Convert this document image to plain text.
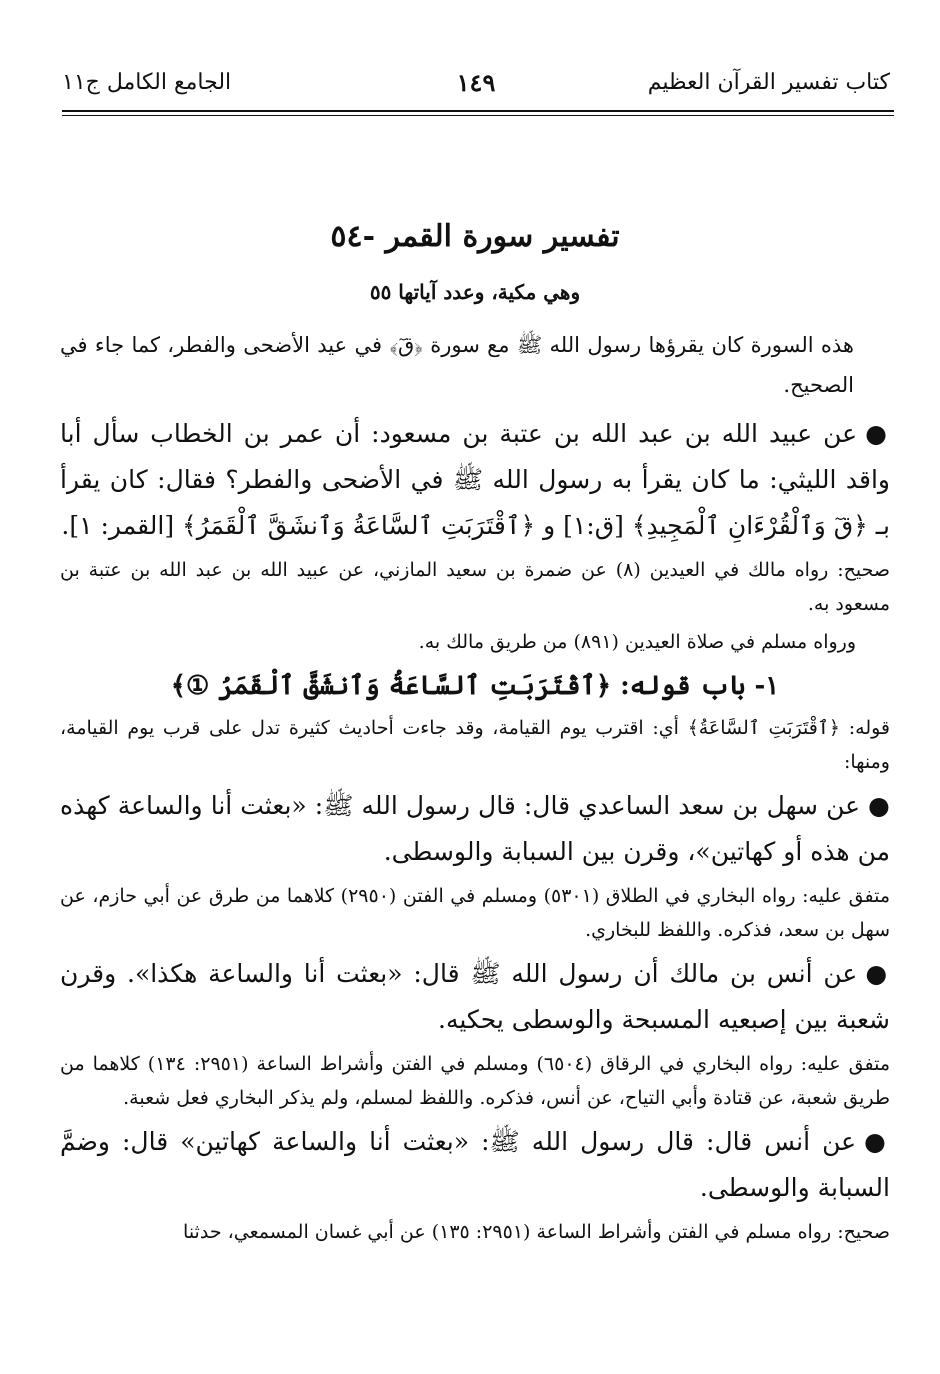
كتاب تفسير القرآن العظيم
١٤٩
الجامع الكامل ج١١
تفسير سورة القمر -٥٤
وهي مكية، وعدد آياتها ٥٥

هذه السورة كان يقرؤها رسول الله ﷺ مع سورة ﴿قٓ﴾ في عيد الأضحى والفطر، كما جاء في الصحيح.

●عن عبيد الله بن عبد الله بن عتبة بن مسعود: أن عمر بن الخطاب سأل أبا واقد الليثي: ما كان يقرأ به رسول الله ﷺ في الأضحى والفطر؟ فقال: كان يقرأ بـ ﴿قٓ وَٱلْقُرْءَانِ ٱلْمَجِيدِ﴾ [ق:١] و ﴿ٱقْتَرَبَتِ ٱلسَّاعَةُ وَٱنشَقَّ ٱلْقَمَرُ﴾ [القمر: ١].

صحيح: رواه مالك في العيدين (٨) عن ضمرة بن سعيد المازني، عن عبيد الله بن عبد الله بن عتبة بن مسعود به.

ورواه مسلم في صلاة العيدين (٨٩١) من طريق مالك به.

١- باب قوله: ﴿ٱقْتَرَبَتِ ٱلسَّاعَةُ وَٱنشَقَّ ٱلْقَمَرُ ①﴾

قوله: ﴿ٱقْتَرَبَتِ ٱلسَّاعَةُ﴾ أي: اقترب يوم القيامة، وقد جاءت أحاديث كثيرة تدل على قرب يوم القيامة، ومنها:

●عن سهل بن سعد الساعدي قال: قال رسول الله ﷺ: «بعثت أنا والساعة كهذه من هذه أو كهاتين»، وقرن بين السبابة والوسطى.

متفق عليه: رواه البخاري في الطلاق (٥٣٠١) ومسلم في الفتن (٢٩٥٠) كلاهما من طرق عن أبي حازم، عن سهل بن سعد، فذكره. واللفظ للبخاري.

●عن أنس بن مالك أن رسول الله ﷺ قال: «بعثت أنا والساعة هكذا». وقرن شعبة بين إصبعيه المسبحة والوسطى يحكيه.

متفق عليه: رواه البخاري في الرقاق (٦٥٠٤) ومسلم في الفتن وأشراط الساعة (٢٩٥١: ١٣٤) كلاهما من طريق شعبة، عن قتادة وأبي التياح، عن أنس، فذكره. واللفظ لمسلم، ولم يذكر البخاري فعل شعبة.

●عن أنس قال: قال رسول الله ﷺ: «بعثت أنا والساعة كهاتين» قال: وضمَّ السبابة والوسطى.

صحيح: رواه مسلم في الفتن وأشراط الساعة (٢٩٥١: ١٣٥) عن أبي غسان المسمعي، حدثنا
